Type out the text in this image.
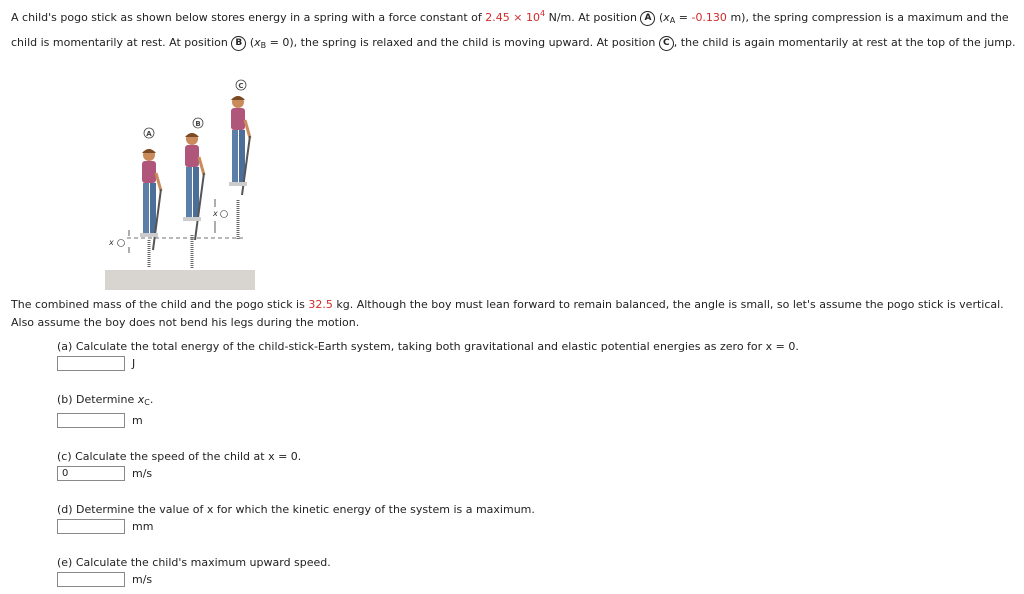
A child's pogo stick as shown below stores energy in a spring with a force constant of $2.45 \times 10^4$ N/m. At position A ($x_A = -0.130$ m), the spring compression is a maximum and the child is momentarily at rest. At position B $(x_B = 0)$, the spring is relaxed and the child is moving upward. At position C , the child is again momentarily at rest at the top of the jump.
A
B
C
x
x
The combined mass of the child and the pogo stick is 32.5 kg. Although the boy must lean forward to remain balanced, the angle is small, so let's assume the pogo stick is vertical. Also assume the boy does not bend his legs during the motion.
(a) Calculate the total energy of the child-stick-Earth system, taking both gravitational and elastic potential energies as zero for x = 0.
J
(b) Determine $x_C$.
m
(c) Calculate the speed of the child at x = 0.
0	m/s
(d) Determine the value of x for which the kinetic energy of the system is a maximum.
mm
(e) Calculate the child's maximum upward speed.
m/s
